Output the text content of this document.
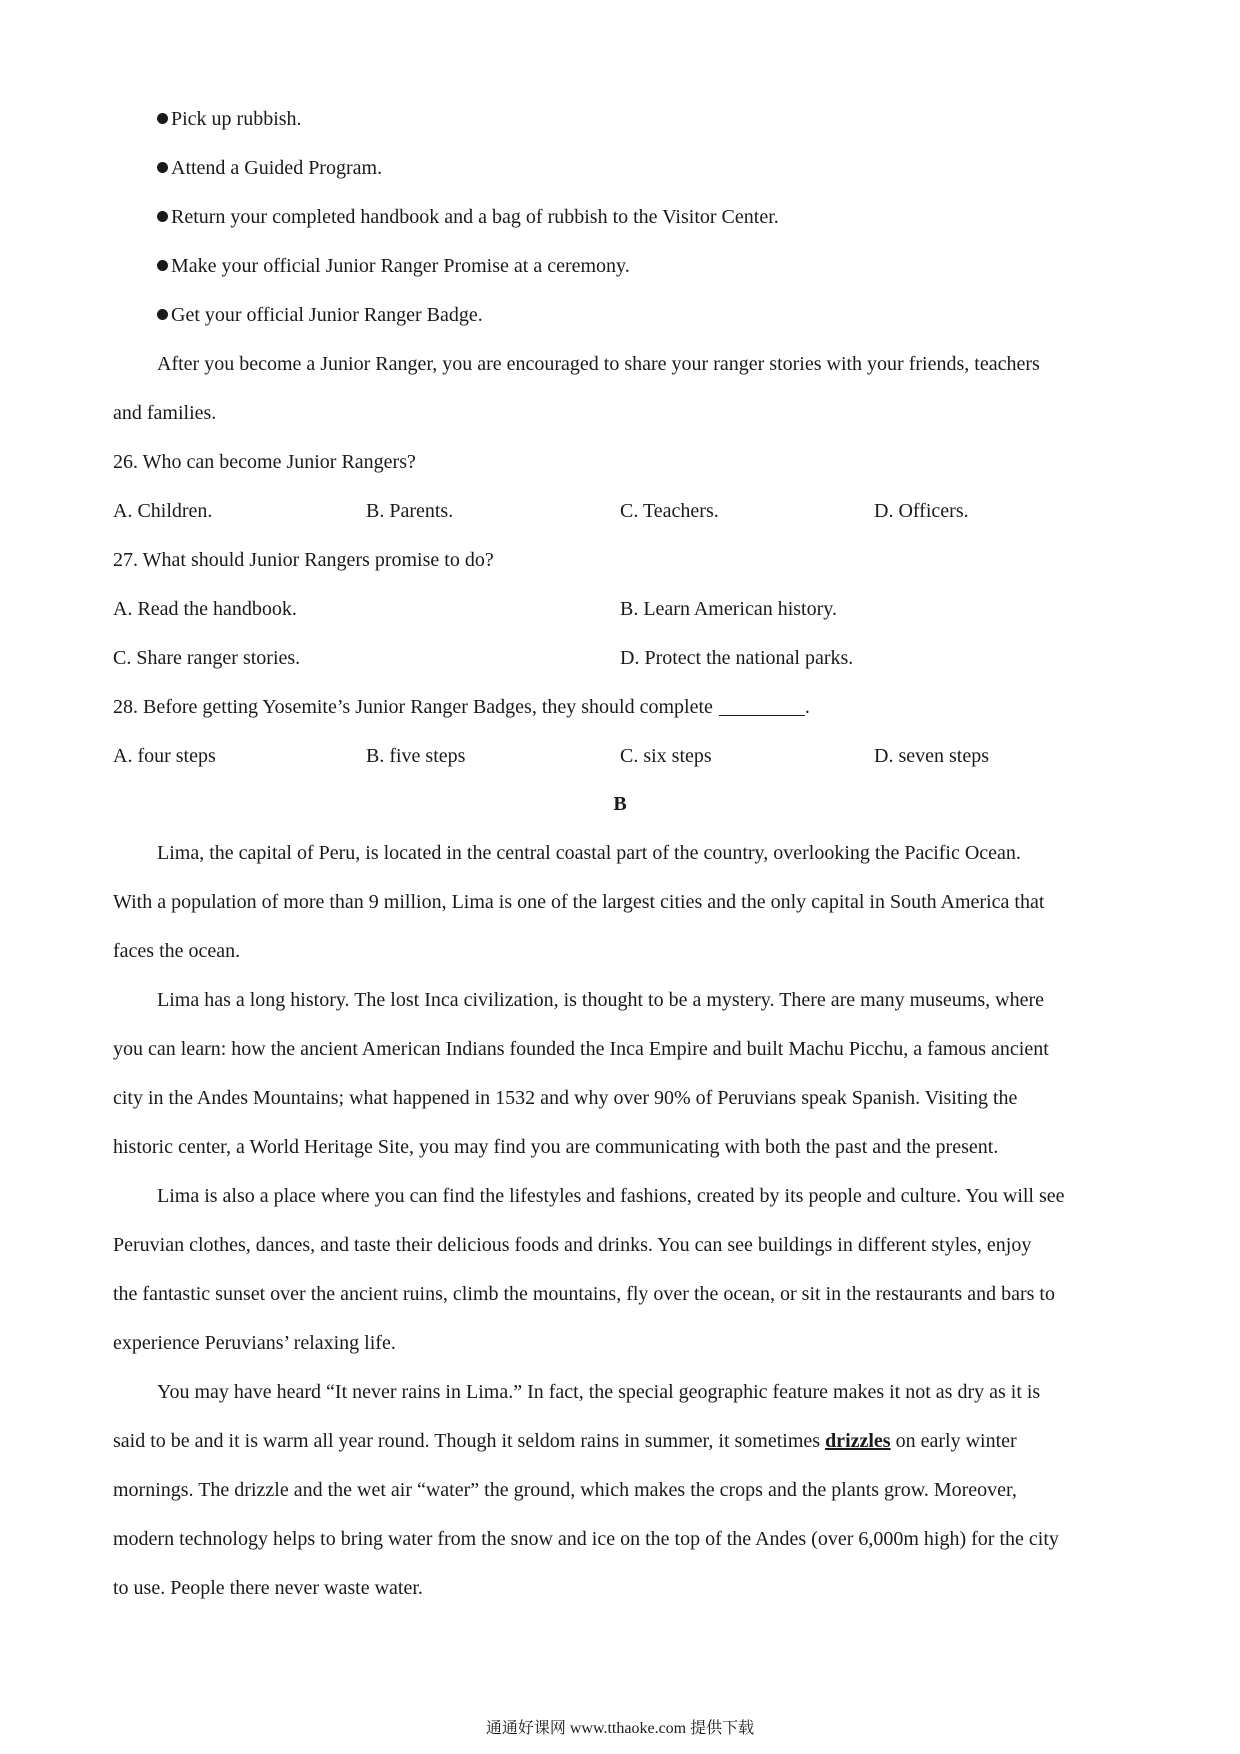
Pick up rubbish.
Attend a Guided Program.
Return your completed handbook and a bag of rubbish to the Visitor Center.
Make your official Junior Ranger Promise at a ceremony.
Get your official Junior Ranger Badge.
After you become a Junior Ranger, you are encouraged to share your ranger stories with your friends, teachers
and families.
26. Who can become Junior Rangers?
A. Children.	B. Parents.	C. Teachers.	D. Officers.
27. What should Junior Rangers promise to do?
A. Read the handbook.	B. Learn American history.
C. Share ranger stories.	D. Protect the national parks.
28. Before getting Yosemite’s Junior Ranger Badges, they should complete	.
A. four steps	B. five steps	C. six steps	D. seven steps
B
Lima, the capital of Peru, is located in the central coastal part of the country, overlooking the Pacific Ocean.
With a population of more than 9 million, Lima is one of the largest cities and the only capital in South America that
faces the ocean.
Lima has a long history. The lost Inca civilization, is thought to be a mystery. There are many museums, where
you can learn: how the ancient American Indians founded the Inca Empire and built Machu Picchu, a famous ancient
city in the Andes Mountains; what happened in 1532 and why over 90% of Peruvians speak Spanish. Visiting the
historic center, a World Heritage Site, you may find you are communicating with both the past and the present.
Lima is also a place where you can find the lifestyles and fashions, created by its people and culture. You will see
Peruvian clothes, dances, and taste their delicious foods and drinks. You can see buildings in different styles, enjoy
the fantastic sunset over the ancient ruins, climb the mountains, fly over the ocean, or sit in the restaurants and bars to
experience Peruvians’ relaxing life.
You may have heard “It never rains in Lima.” In fact, the special geographic feature makes it not as dry as it is
said to be and it is warm all year round. Though it seldom rains in summer, it sometimes drizzles on early winter
mornings. The drizzle and the wet air “water” the ground, which makes the crops and the plants grow. Moreover,
modern technology helps to bring water from the snow and ice on the top of the Andes (over 6,000m high) for the city
to use. People there never waste water.
通通好课网 www.tthaoke.com 提供下载
